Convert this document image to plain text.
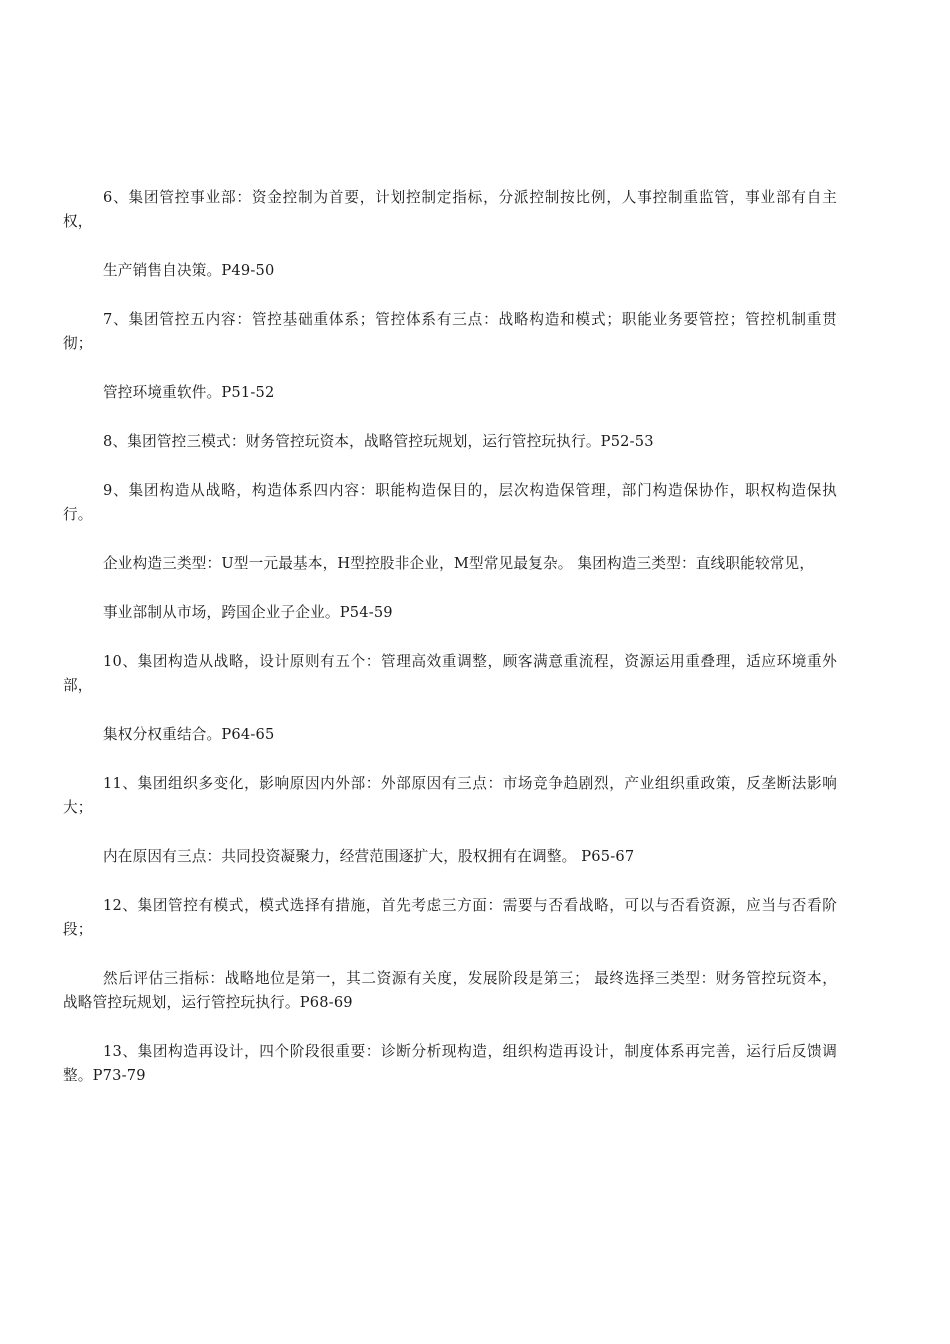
6、集团管控事业部：资金控制为首要，计划控制定指标，分派控制按比例，人事控制重监管，事业部有自主权，

生产销售自决策。P49-50

7、集团管控五内容：管控基础重体系；管控体系有三点：战略构造和模式；职能业务要管控；管控机制重贯彻；

管控环境重软件。P51-52

8、集团管控三模式：财务管控玩资本，战略管控玩规划，运行管控玩执行。P52-53

9、集团构造从战略，构造体系四内容：职能构造保目的，层次构造保管理，部门构造保协作，职权构造保执行。

企业构造三类型：U型一元最基本，H型控股非企业，M型常见最复杂。 集团构造三类型：直线职能较常见，

事业部制从市场，跨国企业子企业。P54-59

10、集团构造从战略，设计原则有五个：管理高效重调整，顾客满意重流程，资源运用重叠理，适应环境重外部，

集权分权重结合。P64-65

11、集团组织多变化，影响原因内外部：外部原因有三点：市场竞争趋剧烈，产业组织重政策，反垄断法影响大；

内在原因有三点：共同投资凝聚力，经营范围逐扩大，股权拥有在调整。 P65-67

12、集团管控有模式，模式选择有措施，首先考虑三方面：需要与否看战略，可以与否看资源，应当与否看阶段；

然后评估三指标：战略地位是第一，其二资源有关度，发展阶段是第三； 最终选择三类型：财务管控玩资本， 战略管控玩规划，运行管控玩执行。P68-69

13、集团构造再设计，四个阶段很重要：诊断分析现构造，组织构造再设计，制度体系再完善，运行后反馈调整。P73-79
